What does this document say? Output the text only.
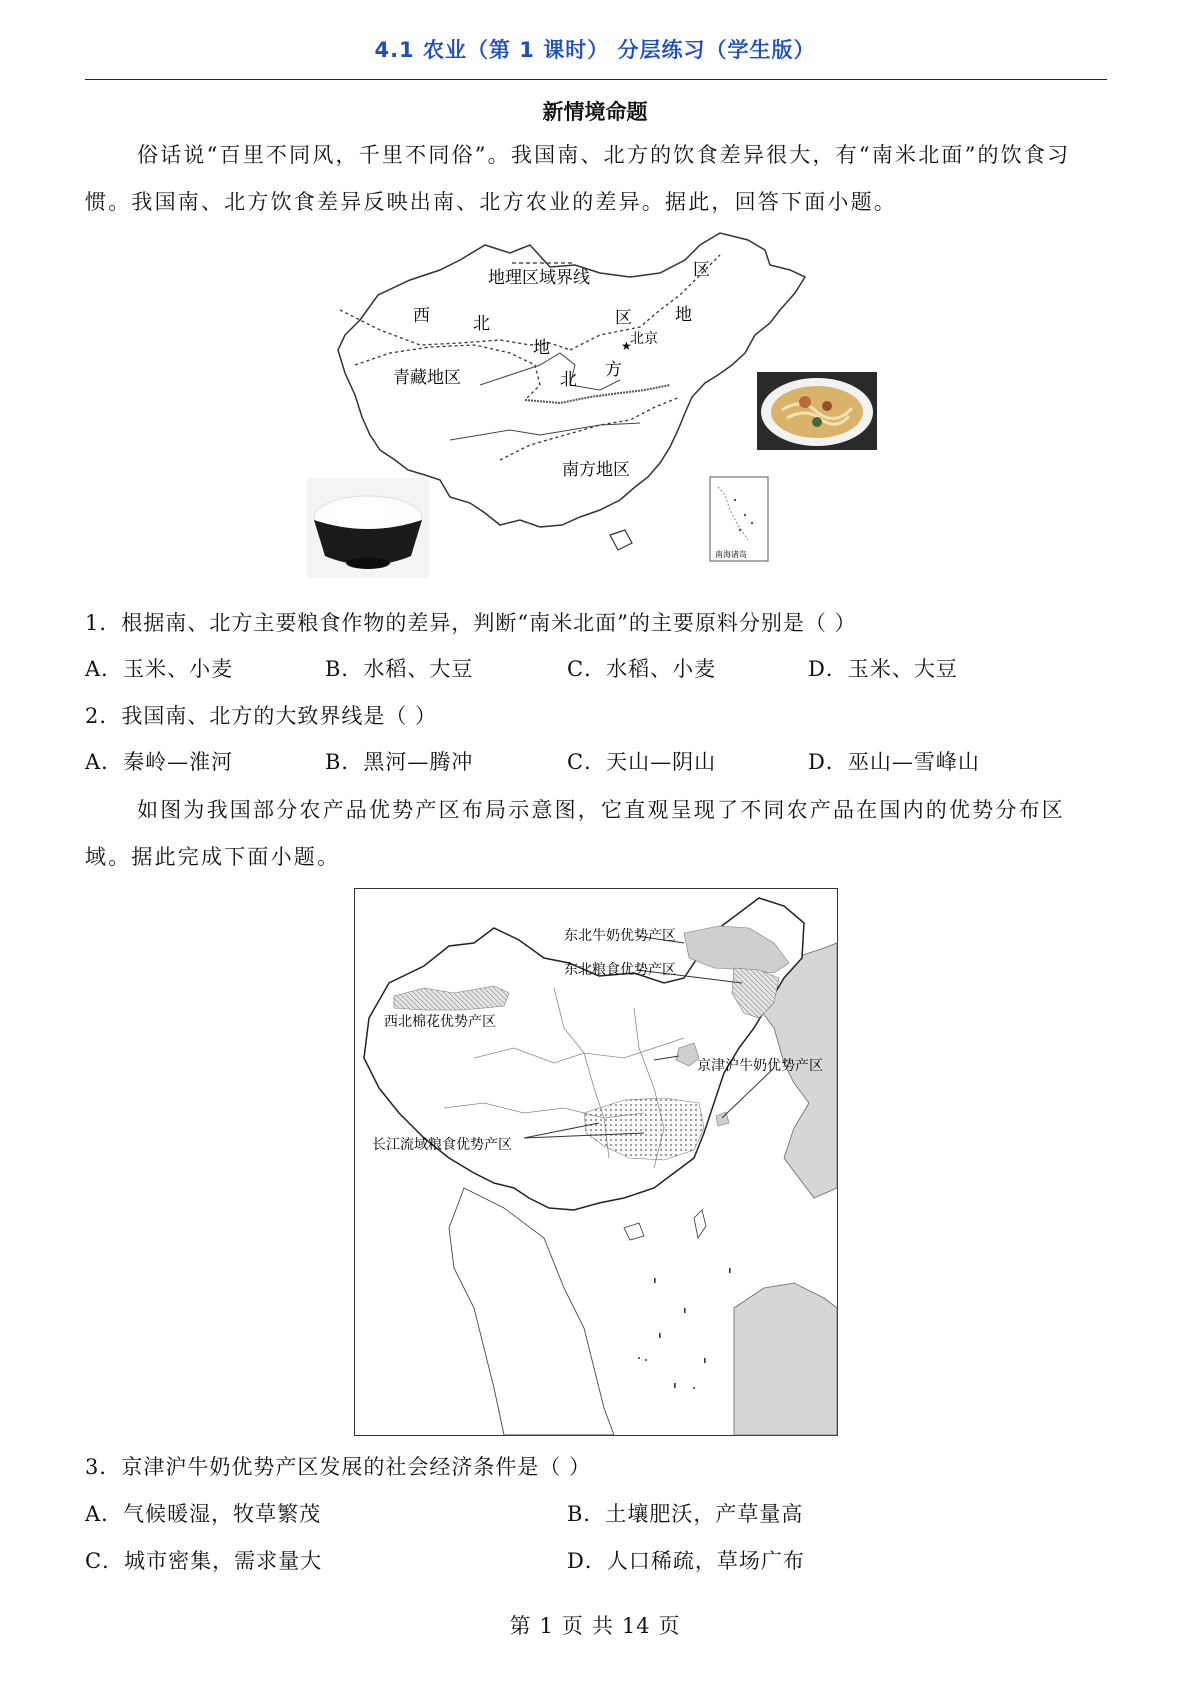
4.1 农业（第 1 课时） 分层练习（学生版）
新情境命题
俗话说“百里不同风，千里不同俗”。我国南、北方的饮食差异很大，有“南米北面”的饮食习
惯。我国南、北方饮食差异反映出南、北方农业的差异。据此，回答下面小题。
★
地理区域界线	区
地
西	北	区
地	北京
北 方
青藏地区
南方地区
南海诸岛
1．根据南、北方主要粮食作物的差异，判断“南米北面”的主要原料分别是（ ）
A．玉米、小麦	B．水稻、大豆	C．水稻、小麦	D．玉米、大豆
2．我国南、北方的大致界线是（ ）
A．秦岭—淮河	B．黑河—腾冲	C．天山—阴山	D．巫山—雪峰山
如图为我国部分农产品优势产区布局示意图，它直观呈现了不同农产品在国内的优势分布区
域。据此完成下面小题。
东北牛奶优势产区
东北粮食优势产区
西北棉花优势产区
京津沪牛奶优势产区
长江流域粮食优势产区
3．京津沪牛奶优势产区发展的社会经济条件是（ ）
A．气候暖湿，牧草繁茂	B．土壤肥沃，产草量高
C．城市密集，需求量大	D．人口稀疏，草场广布
第 1 页 共 14 页
